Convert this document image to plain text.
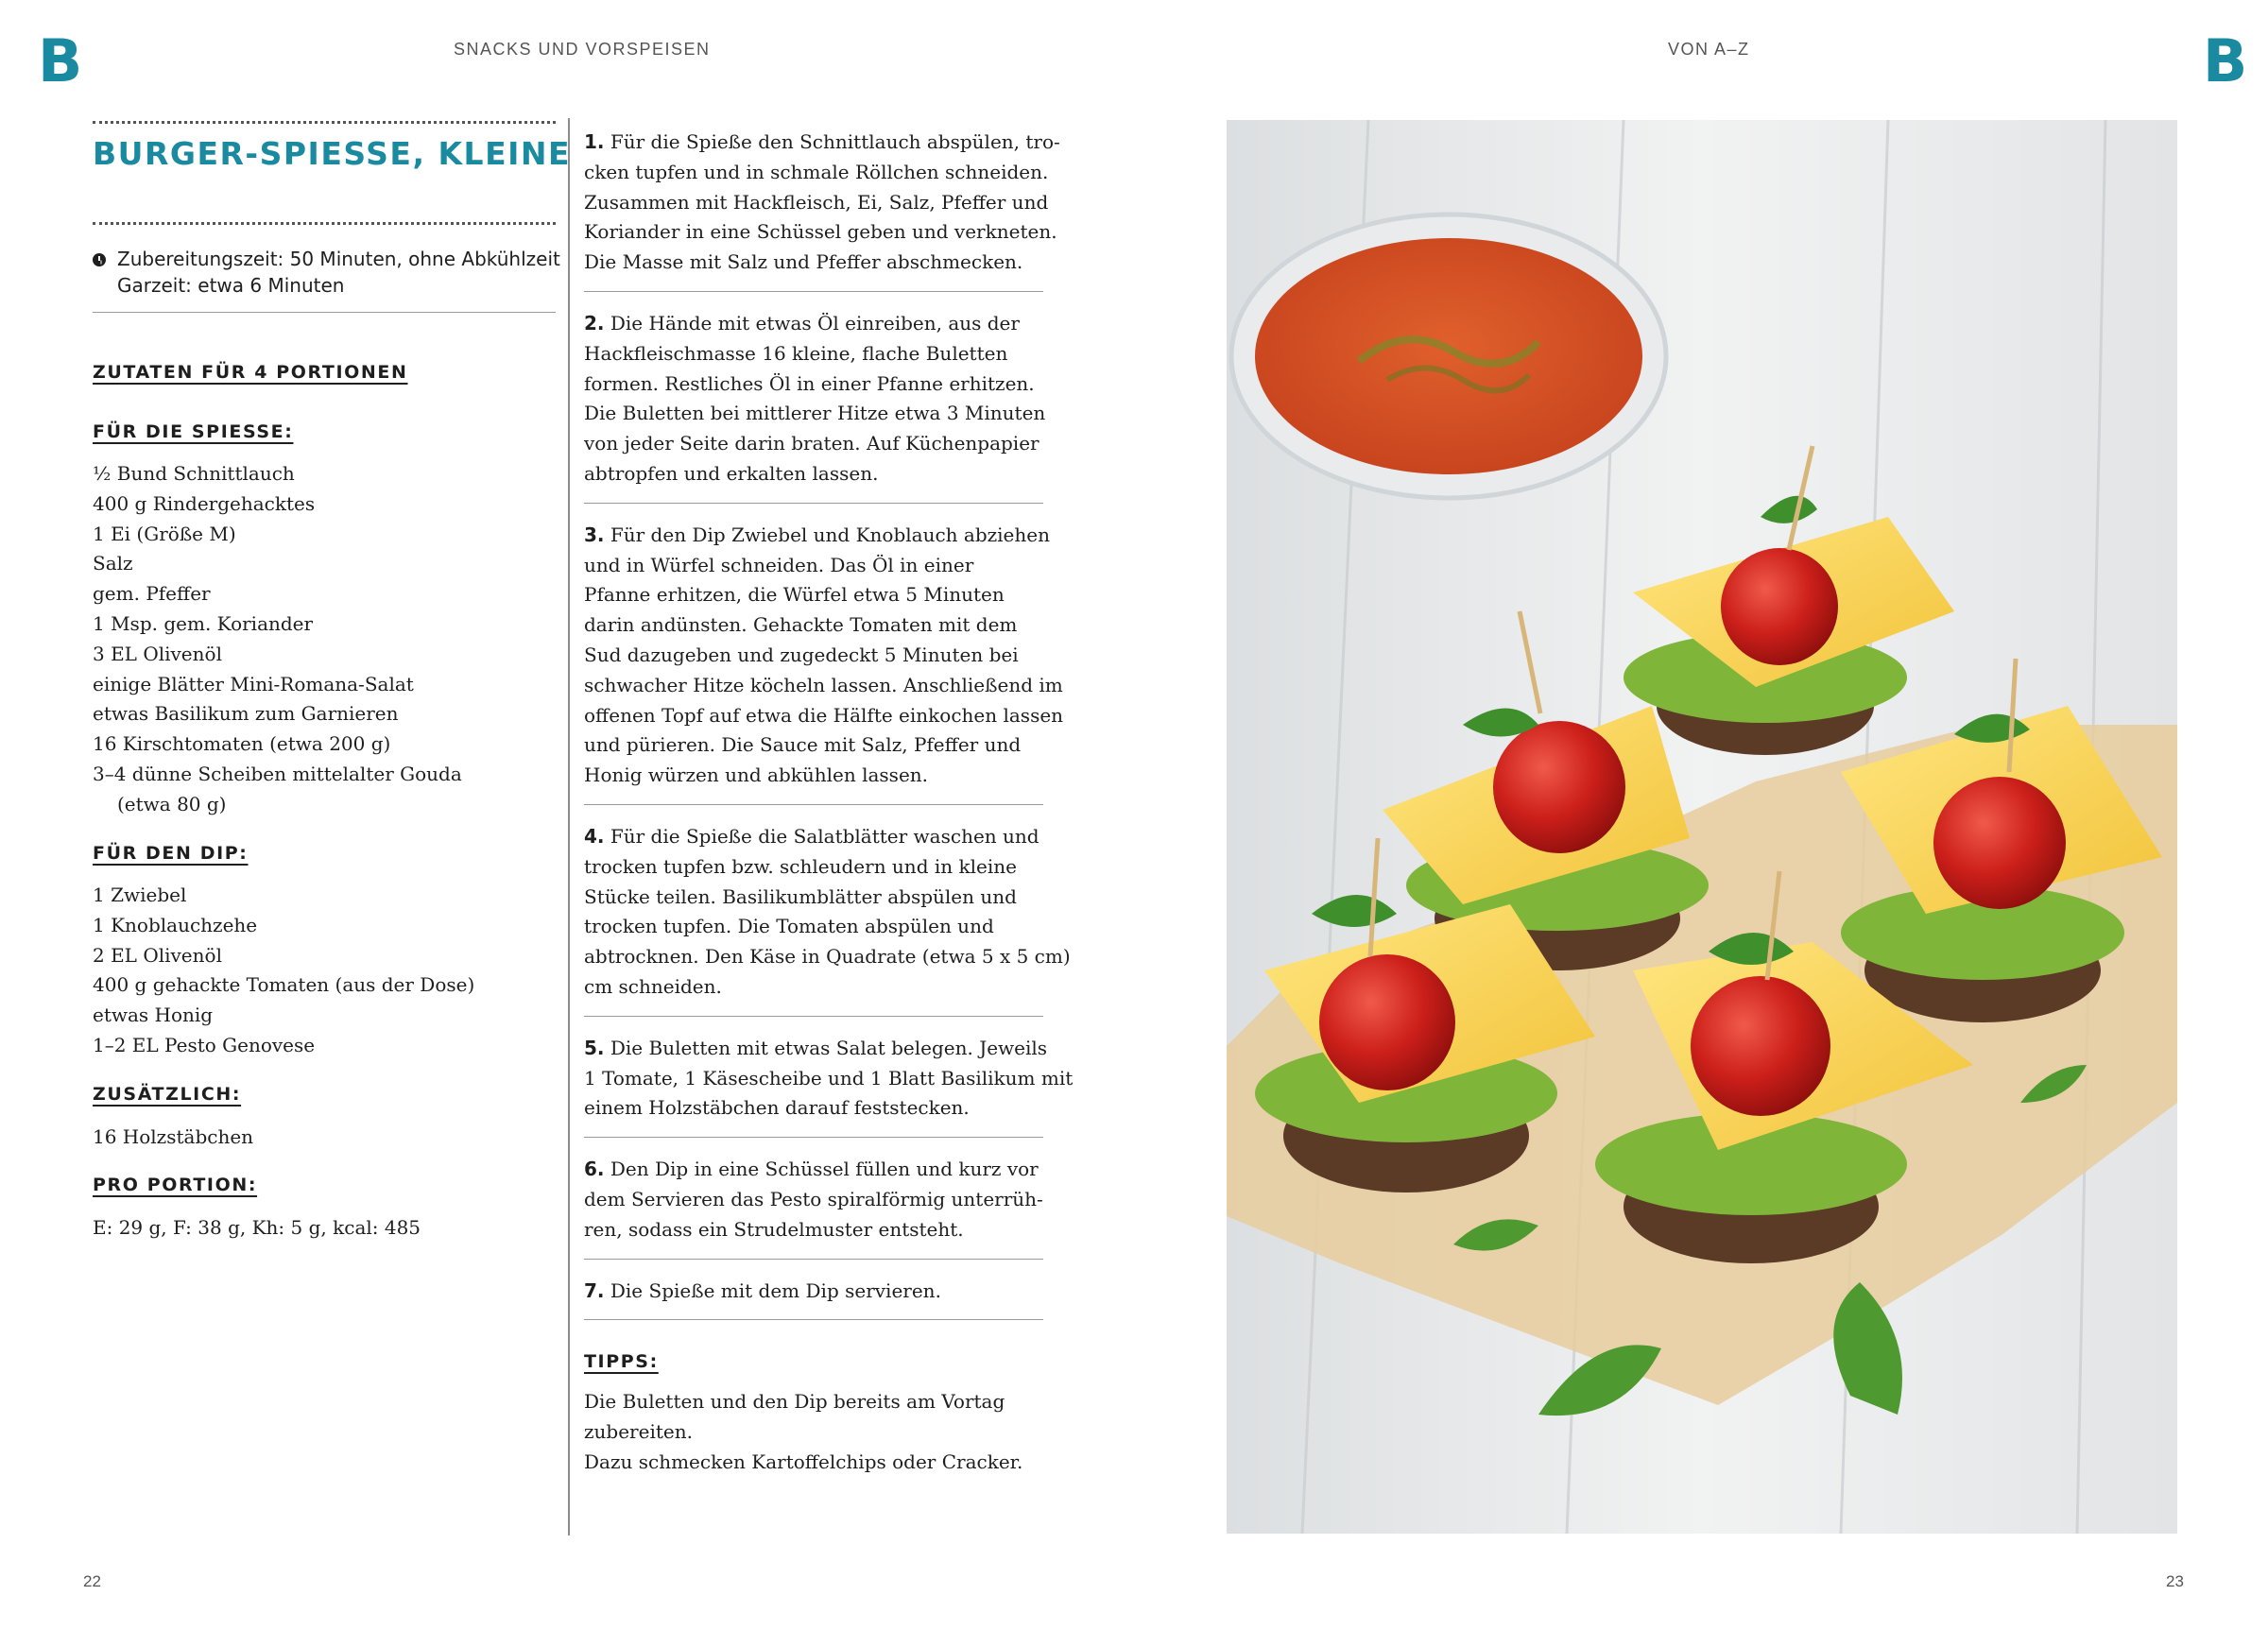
B	SNACKS UND VORSPEISEN	VON A–Z	B
BURGER-SPIESSE, KLEINE
Zubereitungszeit: 50 Minuten, ohne Abkühlzeit
Garzeit: etwa 6 Minuten
ZUTATEN FÜR 4 PORTIONEN
FÜR DIE SPIESSE:
½ Bund Schnittlauch
400 g Rindergehacktes
1 Ei (Größe M)
Salz
gem. Pfeffer
1 Msp. gem. Koriander
3 EL Olivenöl
einige Blätter Mini-Romana-Salat
etwas Basilikum zum Garnieren
16 Kirschtomaten (etwa 200 g)
3–4 dünne Scheiben mittelalter Gouda
(etwa 80 g)
FÜR DEN DIP:
1 Zwiebel
1 Knoblauchzehe
2 EL Olivenöl
400 g gehackte Tomaten (aus der Dose)
etwas Honig
1–2 EL Pesto Genovese
ZUSÄTZLICH:
16 Holzstäbchen
PRO PORTION:
E: 29 g, F: 38 g, Kh: 5 g, kcal: 485
1. Für die Spieße den Schnittlauch abspülen, tro-
cken tupfen und in schmale Röllchen schneiden.
Zusammen mit Hackfleisch, Ei, Salz, Pfeffer und
Koriander in eine Schüssel geben und verkneten.
Die Masse mit Salz und Pfeffer abschmecken.
2. Die Hände mit etwas Öl einreiben, aus der
Hackfleischmasse 16 kleine, flache Buletten
formen. Restliches Öl in einer Pfanne erhitzen.
Die Buletten bei mittlerer Hitze etwa 3 Minuten
von jeder Seite darin braten. Auf Küchenpapier
abtropfen und erkalten lassen.
3. Für den Dip Zwiebel und Knoblauch abziehen
und in Würfel schneiden. Das Öl in einer
Pfanne erhitzen, die Würfel etwa 5 Minuten
darin andünsten. Gehackte Tomaten mit dem
Sud dazugeben und zugedeckt 5 Minuten bei
schwacher Hitze köcheln lassen. Anschließend im
offenen Topf auf etwa die Hälfte einkochen lassen
und pürieren. Die Sauce mit Salz, Pfeffer und
Honig würzen und abkühlen lassen.
4. Für die Spieße die Salatblätter waschen und
trocken tupfen bzw. schleudern und in kleine
Stücke teilen. Basilikumblätter abspülen und
trocken tupfen. Die Tomaten abspülen und
abtrocknen. Den Käse in Quadrate (etwa 5 x 5 cm)
cm schneiden.
5. Die Buletten mit etwas Salat belegen. Jeweils
1 Tomate, 1 Käsescheibe und 1 Blatt Basilikum mit
einem Holzstäbchen darauf feststecken.
6. Den Dip in eine Schüssel füllen und kurz vor
dem Servieren das Pesto spiralförmig unterrüh-
ren, sodass ein Strudelmuster entsteht.
7. Die Spieße mit dem Dip servieren.
TIPPS:
Die Buletten und den Dip bereits am Vortag
zubereiten.
Dazu schmecken Kartoffelchips oder Cracker.
22	23
